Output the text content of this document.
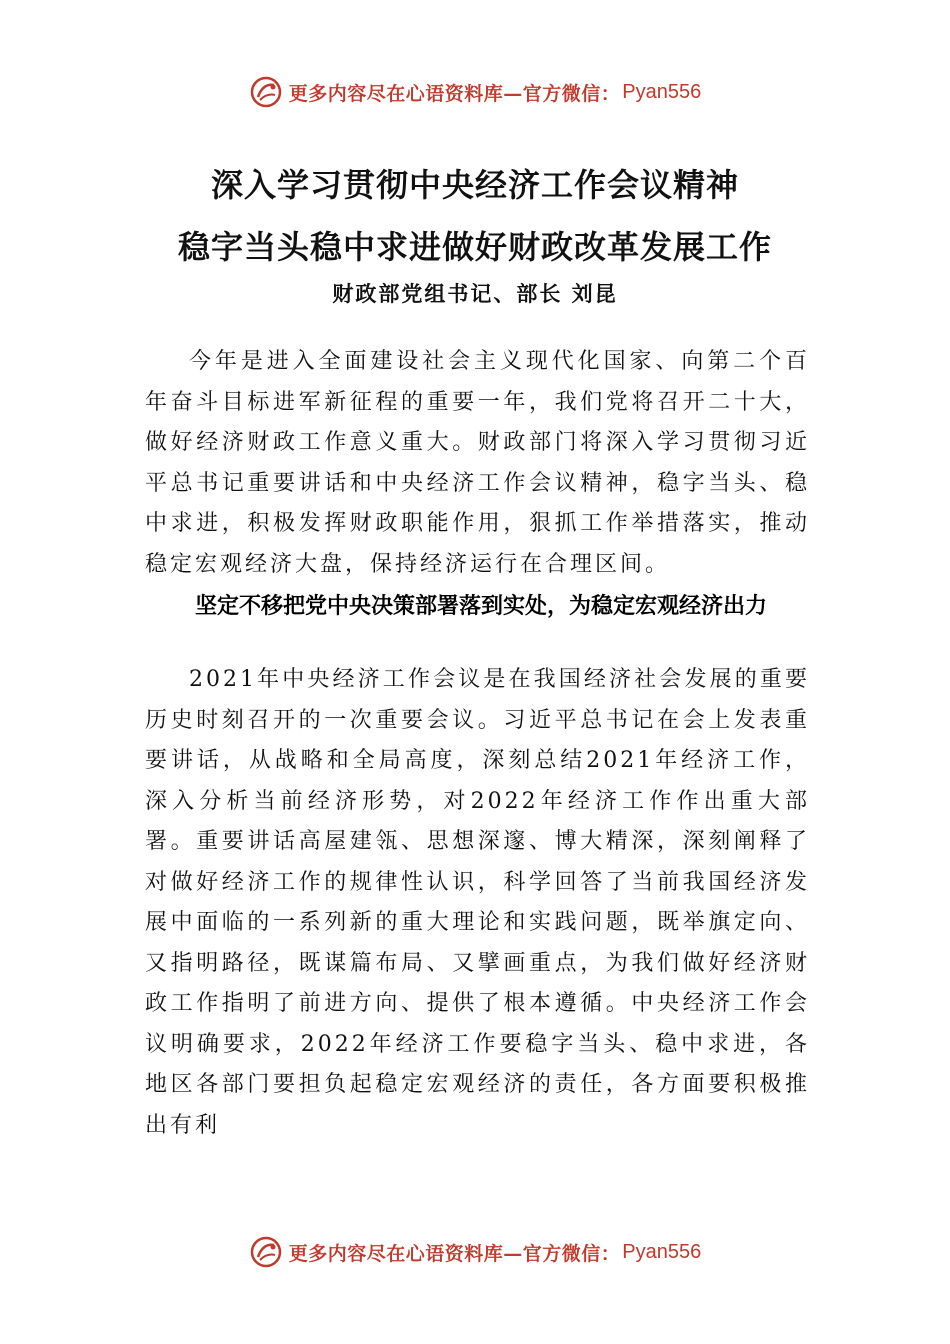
更多内容尽在心语资料库—官方微信： Pyan556
深入学习贯彻中央经济工作会议精神
稳字当头稳中求进做好财政改革发展工作
财政部党组书记、部长 刘昆

今年是进入全面建设社会主义现代化国家、向第二个百年奋斗目标进军新征程的重要一年，我们党将召开二十大，做好经济财政工作意义重大。财政部门将深入学习贯彻习近平总书记重要讲话和中央经济工作会议精神，稳字当头、稳中求进，积极发挥财政职能作用，狠抓工作举措落实，推动稳定宏观经济大盘，保持经济运行在合理区间。

坚定不移把党中央决策部署落到实处，为稳定宏观经济出力

2021年中央经济工作会议是在我国经济社会发展的重要历史时刻召开的一次重要会议。习近平总书记在会上发表重要讲话，从战略和全局高度，深刻总结2021年经济工作，深入分析当前经济形势，对2022年经济工作作出重大部署。重要讲话高屋建瓴、思想深邃、博大精深，深刻阐释了对做好经济工作的规律性认识，科学回答了当前我国经济发展中面临的一系列新的重大理论和实践问题，既举旗定向、又指明路径，既谋篇布局、又擘画重点，为我们做好经济财政工作指明了前进方向、提供了根本遵循。中央经济工作会议明确要求，2022年经济工作要稳字当头、稳中求进，各地区各部门要担负起稳定宏观经济的责任，各方面要积极推出有利

更多内容尽在心语资料库—官方微信： Pyan556
